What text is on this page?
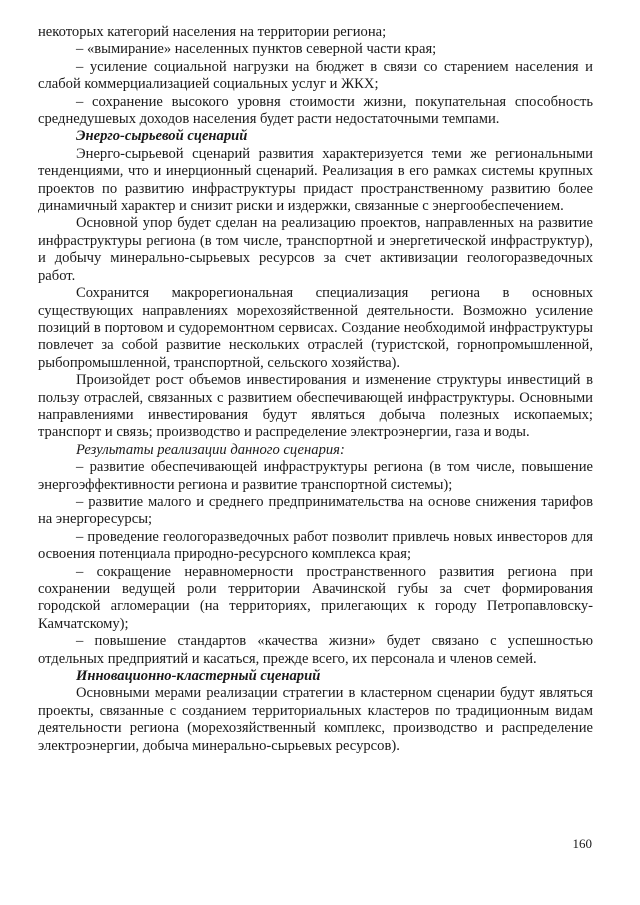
некоторых категорий населения на территории региона;

– «вымирание» населенных пунктов северной части края;

– усиление социальной нагрузки на бюджет в связи со старением населения и слабой коммерциализацией социальных услуг и ЖКХ;

– сохранение высокого уровня стоимости жизни, покупательная способность среднедушевых доходов населения будет расти недостаточными темпами.

Энерго-сырьевой сценарий

Энерго-сырьевой сценарий развития характеризуется теми же региональными тенденциями, что и инерционный сценарий. Реализация в его рамках системы крупных проектов по развитию инфраструктуры придаст пространственному развитию более динамичный характер и снизит риски и издержки, связанные с энергообеспечением.

Основной упор будет сделан на реализацию проектов, направленных на развитие инфраструктуры региона (в том числе, транспортной и энергетической инфраструктур), и добычу минерально-сырьевых ресурсов за счет активизации геологоразведочных работ.

Сохранится макрорегиональная специализация региона в основных существующих направлениях морехозяйственной деятельности. Возможно усиление позиций в портовом и судоремонтном сервисах. Создание необходимой инфраструктуры повлечет за собой развитие нескольких отраслей (туристской, горнопромышленной, рыбопромышленной, транспортной, сельского хозяйства).

Произойдет рост объемов инвестирования и изменение структуры инвестиций в пользу отраслей, связанных с развитием обеспечивающей инфраструктуры. Основными направлениями инвестирования будут являться добыча полезных ископаемых; транспорт и связь; производство и распределение электроэнергии, газа и воды.

Результаты реализации данного сценария:

– развитие обеспечивающей инфраструктуры региона (в том числе, повышение энергоэффективности региона и развитие транспортной системы);

– развитие малого и среднего предпринимательства на основе снижения тарифов на энергоресурсы;

– проведение геологоразведочных работ позволит привлечь новых инвесторов для освоения потенциала природно-ресурсного комплекса края;

– сокращение неравномерности пространственного развития региона при сохранении ведущей роли территории Авачинской губы за счет формирования городской агломерации (на территориях, прилегающих к городу Петропавловску-Камчатскому);

– повышение стандартов «качества жизни» будет связано с успешностью отдельных предприятий и касаться, прежде всего, их персонала и членов семей.

Инновационно-кластерный сценарий

Основными мерами реализации стратегии в кластерном сценарии будут являться проекты, связанные с созданием территориальных кластеров по традиционным видам деятельности региона (морехозяйственный комплекс, производство и распределение электроэнергии, добыча минерально-сырьевых ресурсов).

160
